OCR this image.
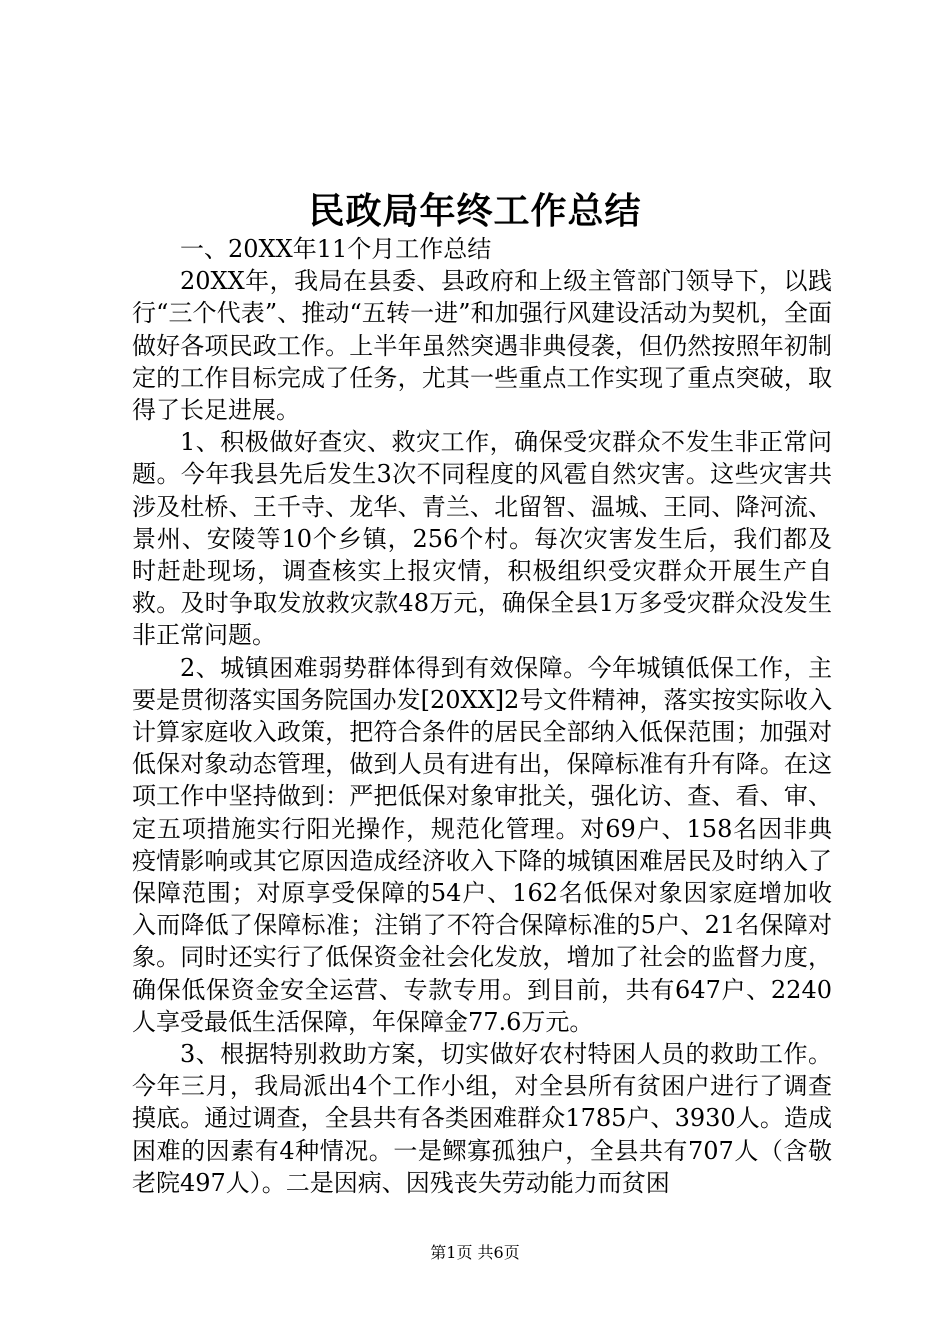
民政局年终工作总结

一、20XX年11个月工作总结

20XX年，我局在县委、县政府和上级主管部门领导下，以践行“三个代表”、推动“五转一进”和加强行风建设活动为契机，全面做好各项民政工作。上半年虽然突遇非典侵袭，但仍然按照年初制定的工作目标完成了任务，尤其一些重点工作实现了重点突破，取得了长足进展。

1、积极做好查灾、救灾工作，确保受灾群众不发生非正常问题。今年我县先后发生3次不同程度的风雹自然灾害。这些灾害共涉及杜桥、王千寺、龙华、青兰、北留智、温城、王同、降河流、景州、安陵等10个乡镇，256个村。每次灾害发生后，我们都及时赶赴现场，调查核实上报灾情，积极组织受灾群众开展生产自救。及时争取发放救灾款48万元，确保全县1万多受灾群众没发生非正常问题。

2、城镇困难弱势群体得到有效保障。今年城镇低保工作，主要是贯彻落实国务院国办发[20XX]2号文件精神，落实按实际收入计算家庭收入政策，把符合条件的居民全部纳入低保范围；加强对低保对象动态管理，做到人员有进有出，保障标准有升有降。在这项工作中坚持做到：严把低保对象审批关，强化访、查、看、审、定五项措施实行阳光操作，规范化管理。对69户、158名因非典疫情影响或其它原因造成经济收入下降的城镇困难居民及时纳入了保障范围；对原享受保障的54户、162名低保对象因家庭增加收入而降低了保障标准；注销了不符合保障标准的5户、21名保障对象。同时还实行了低保资金社会化发放，增加了社会的监督力度，确保低保资金安全运营、专款专用。到目前，共有647户、2240人享受最低生活保障，年保障金77.6万元。

3、根据特别救助方案，切实做好农村特困人员的救助工作。今年三月，我局派出4个工作小组，对全县所有贫困户进行了调查摸底。通过调查，全县共有各类困难群众1785户、3930人。造成困难的因素有4种情况。一是鳏寡孤独户，全县共有707人（含敬老院497人）。二是因病、因残丧失劳动能力而贫困

第1页 共6页
